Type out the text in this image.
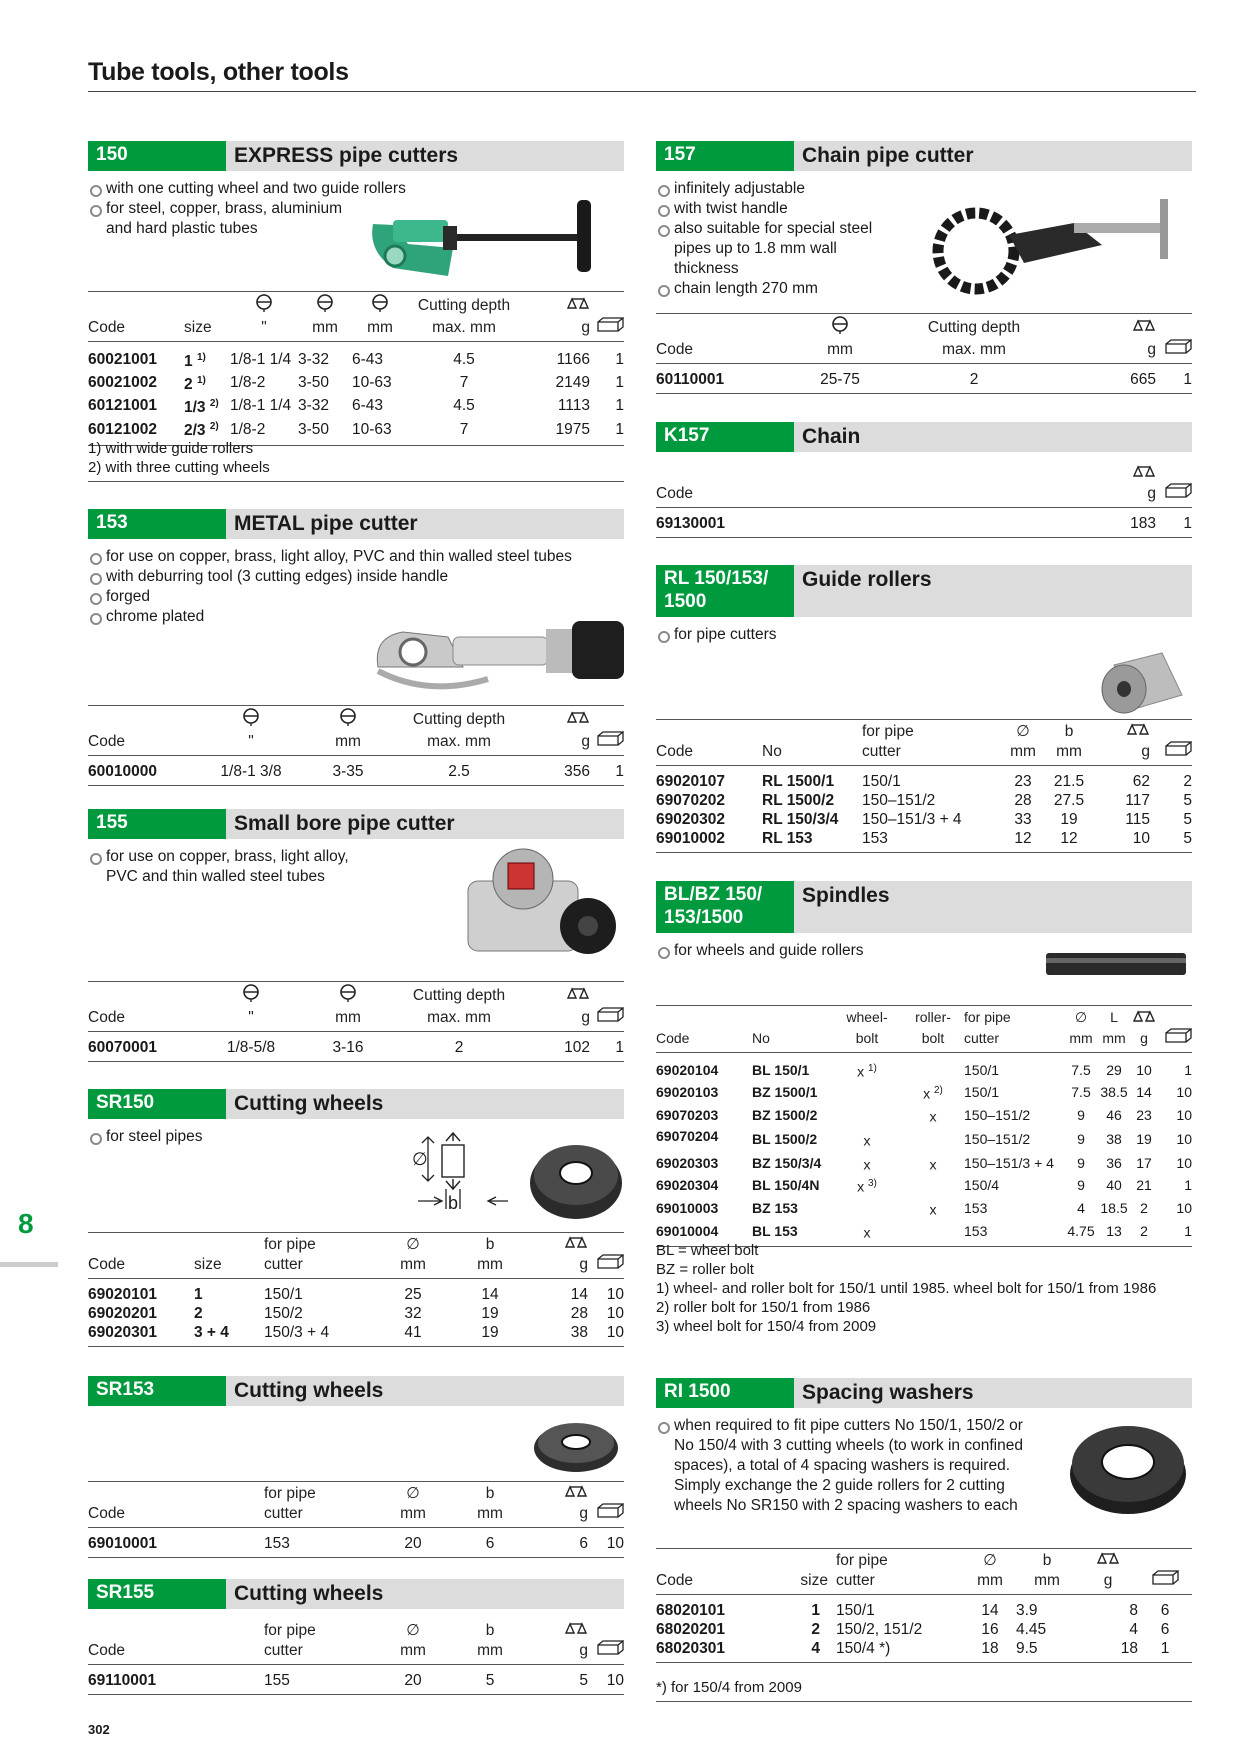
Tube tools, other tools
150	EXPRESS pipe cutters
with one cutting wheel and two guide rollers
for steel, copper, brass, aluminium and hard plastic tubes
					Cutting depth		
Code	size	"	mm	mm	max. mm	g	
60021001	1 $^{1)}$	1/8-1 1/4	3-32	6-43	4.5	1166	1
60021002	2 $^{1)}$	1/8-2	3-50	10-63	7	2149	1
60121001	1/3 $^{2)}$	1/8-1 1/4	3-32	6-43	4.5	1113	1
60121002	2/3 $^{2)}$	1/8-2	3-50	10-63	7	1975	1
1) with wide guide rollers
2) with three cutting wheels
153	METAL pipe cutter
for use on copper, brass, light alloy, PVC and thin walled steel tubes
with deburring tool (3 cutting edges) inside handle
forged
chrome plated
			Cutting depth		
Code	"	mm	max. mm	g	
60010000	1/8-1 3/8	3-35	2.5	356	1
155	Small bore pipe cutter
for use on copper, brass, light alloy, PVC and thin walled steel tubes
			Cutting depth		
Code	"	mm	max. mm	g	
60070001	1/8-5/8	3-16	2	102	1
SR150	Cutting wheels
for steel pipes
∅
b
		for pipe	∅	b		
Code	size	cutter	mm	mm	g	
69020101	1	150/1	25	14	14	10
69020201	2	150/2	32	19	28	10
69020301	3 + 4	150/3 + 4	41	19	38	10
SR153	Cutting wheels
	for pipe	∅	b		
Code	cutter	mm	mm	g	
69010001	153	20	6	6	10
SR155	Cutting wheels
	for pipe	∅	b		
Code	cutter	mm	mm	g	
69110001	155	20	5	5	10
157	Chain pipe cutter
infinitely adjustable
with twist handle
also suitable for special steel pipes up to 1.8 mm wall thickness
chain length 270 mm
		Cutting depth		
Code	mm	max. mm	g	
60110001	25-75	2	665	1
K157	Chain

Code	g	
69130001	183	1
RL 150/153/ 1500
Guide rollers
for pipe cutters
		for pipe	∅	b		
Code	No	cutter	mm	mm	g	
69020107	RL 1500/1	150/1	23	21.5	62	2
69070202	RL 1500/2	150–151/2	28	27.5	117	5
69020302	RL 150/3/4	150–151/3 + 4	33	19	115	5
69010002	RL 153	153	12	12	10	5
BL/BZ 150/ 153/1500
Spindles
for wheels and guide rollers
		wheel-	roller-	for pipe	∅	L		
Code	No	bolt	bolt	cutter	mm	mm	g	
69020104	BL 150/1	x $^{1)}$		150/1	7.5	29	10	1
69020103	BZ 1500/1		x $^{2)}$	150/1	7.5	38.5	14	10
69070203	BZ 1500/2		x	150–151/2	9	46	23	10
69070204	BL 1500/2	x		150–151/2	9	38	19	10
69020303	BZ 150/3/4	x	x	150–151/3 + 4	9	36	17	10
69020304	BL 150/4N	x $^{3)}$		150/4	9	40	21	1
69010003	BZ 153		x	153	4	18.5	2	10
69010004	BL 153	x		153	4.75	13	2	1
BL = wheel bolt
BZ = roller bolt
1) wheel- and roller bolt for 150/1 until 1985. wheel bolt for 150/1 from 1986
2) roller bolt for 150/1 from 1986
3) wheel bolt for 150/4 from 2009
RI 1500	Spacing washers
when required to fit pipe cutters No 150/1, 150/2 or No 150/4 with 3 cutting wheels (to work in confined spaces), a total of 4 spacing washers is required. Simply exchange the 2 guide rollers for 2 cutting wheels No SR150 with 2 spacing washers to each
		for pipe	∅	b		
Code	size	cutter	mm	mm	g	
68020101	1	150/1	14	3.9	8	6
68020201	2	150/2, 151/2	16	4.45	4	6
68020301	4	150/4 *)	18	9.5	18	1
*) for 150/4 from 2009
8
302
